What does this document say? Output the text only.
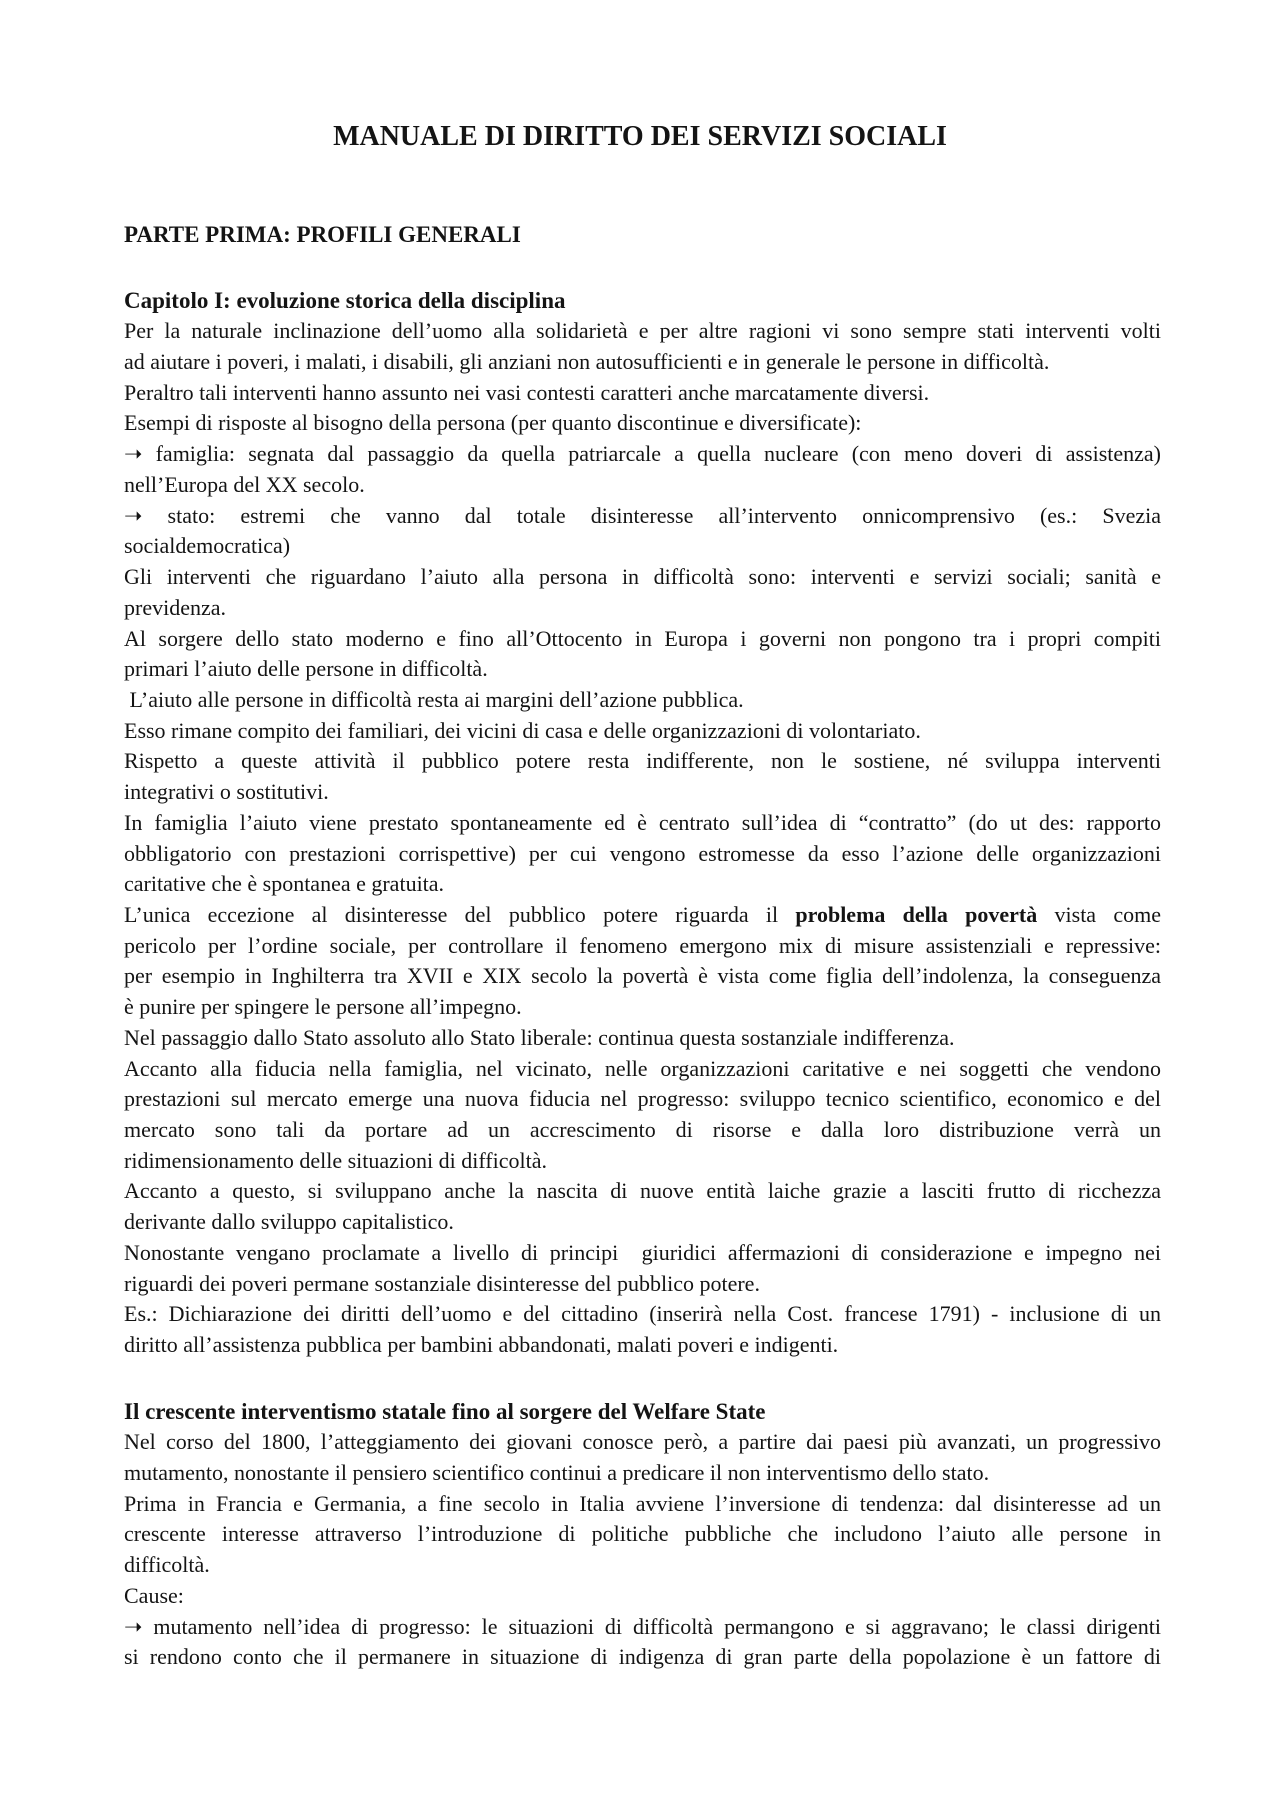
MANUALE DI DIRITTO DEI SERVIZI SOCIALI
PARTE PRIMA: PROFILI GENERALI
Capitolo I: evoluzione storica della disciplina
Per la naturale inclinazione dell’uomo alla solidarietà e per altre ragioni vi sono sempre stati interventi volti
ad aiutare i poveri, i malati, i disabili, gli anziani non autosufficienti e in generale le persone in difficoltà.
Peraltro tali interventi hanno assunto nei vasi contesti caratteri anche marcatamente diversi.
Esempi di risposte al bisogno della persona (per quanto discontinue e diversificate):
➝ famiglia: segnata dal passaggio da quella patriarcale a quella nucleare (con meno doveri di assistenza)
nell’Europa del XX secolo.
➝ stato: estremi che vanno dal totale disinteresse all’intervento onnicomprensivo (es.: Svezia
socialdemocratica)
Gli interventi che riguardano l’aiuto alla persona in difficoltà sono: interventi e servizi sociali; sanità e
previdenza.
Al sorgere dello stato moderno e fino all’Ottocento in Europa i governi non pongono tra i propri compiti
primari l’aiuto delle persone in difficoltà.
L’aiuto alle persone in difficoltà resta ai margini dell’azione pubblica.
Esso rimane compito dei familiari, dei vicini di casa e delle organizzazioni di volontariato.
Rispetto a queste attività il pubblico potere resta indifferente, non le sostiene, né sviluppa interventi
integrativi o sostitutivi.
In famiglia l’aiuto viene prestato spontaneamente ed è centrato sull’idea di “contratto” (do ut des: rapporto
obbligatorio con prestazioni corrispettive) per cui vengono estromesse da esso l’azione delle organizzazioni
caritative che è spontanea e gratuita.
L’unica eccezione al disinteresse del pubblico potere riguarda il problema della povertà vista come
pericolo per l’ordine sociale, per controllare il fenomeno emergono mix di misure assistenziali e repressive:
per esempio in Inghilterra tra XVII e XIX secolo la povertà è vista come figlia dell’indolenza, la conseguenza
è punire per spingere le persone all’impegno.
Nel passaggio dallo Stato assoluto allo Stato liberale: continua questa sostanziale indifferenza.
Accanto alla fiducia nella famiglia, nel vicinato, nelle organizzazioni caritative e nei soggetti che vendono
prestazioni sul mercato emerge una nuova fiducia nel progresso: sviluppo tecnico scientifico, economico e del
mercato sono tali da portare ad un accrescimento di risorse e dalla loro distribuzione verrà un
ridimensionamento delle situazioni di difficoltà.
Accanto a questo, si sviluppano anche la nascita di nuove entità laiche grazie a lasciti frutto di ricchezza
derivante dallo sviluppo capitalistico.
Nonostante vengano proclamate a livello di principi  giuridici affermazioni di considerazione e impegno nei
riguardi dei poveri permane sostanziale disinteresse del pubblico potere.
Es.: Dichiarazione dei diritti dell’uomo e del cittadino (inserirà nella Cost. francese 1791) - inclusione di un
diritto all’assistenza pubblica per bambini abbandonati, malati poveri e indigenti.
Il crescente interventismo statale fino al sorgere del Welfare State
Nel corso del 1800, l’atteggiamento dei giovani conosce però, a partire dai paesi più avanzati, un progressivo
mutamento, nonostante il pensiero scientifico continui a predicare il non interventismo dello stato.
Prima in Francia e Germania, a fine secolo in Italia avviene l’inversione di tendenza: dal disinteresse ad un
crescente interesse attraverso l’introduzione di politiche pubbliche che includono l’aiuto alle persone in
difficoltà.
Cause:
➝ mutamento nell’idea di progresso: le situazioni di difficoltà permangono e si aggravano; le classi dirigenti
si rendono conto che il permanere in situazione di indigenza di gran parte della popolazione è un fattore di
